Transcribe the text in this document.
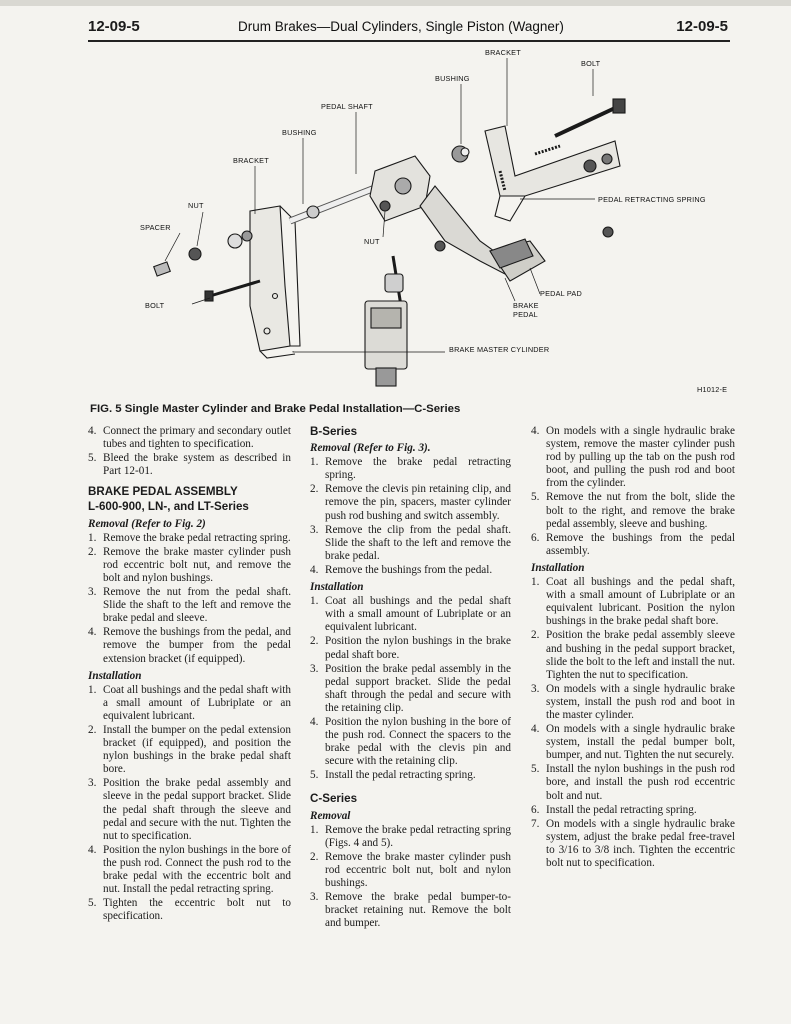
12-09-5	Drum Brakes—Dual Cylinders, Single Piston (Wagner)	12-09-5
BRACKET
BOLT
BUSHING
PEDAL SHAFT
BUSHING
BRACKET
NUT
SPACER
NUT
BOLT
PEDAL RETRACTING SPRING
PEDAL PAD
BRAKE
PEDAL
BRAKE MASTER CYLINDER
H1012-E
FIG. 5 Single Master Cylinder and Brake Pedal Installation—C-Series
4. Connect the primary and secondary outlet tubes and tighten to specification.
5. Bleed the brake system as described in Part 12-01.
BRAKE PEDAL ASSEMBLY
L-600-900, LN-, and LT-Series
Removal (Refer to Fig. 2)
1. Remove the brake pedal retracting spring.
2. Remove the brake master cylinder push rod eccentric bolt nut, and remove the bolt and nylon bushings.
3. Remove the nut from the pedal shaft. Slide the shaft to the left and remove the brake pedal and sleeve.
4. Remove the bushings from the pedal, and remove the bumper from the pedal extension bracket (if equipped).
Installation
1. Coat all bushings and the pedal shaft with a small amount of Lubriplate or an equivalent lubricant.
2. Install the bumper on the pedal extension bracket (if equipped), and position the nylon bushings in the brake pedal shaft bore.
3. Position the brake pedal assembly and sleeve in the pedal support bracket. Slide the pedal shaft through the sleeve and pedal and secure with the nut. Tighten the nut to specification.
4. Position the nylon bushings in the bore of the push rod. Connect the push rod to the brake pedal with the eccentric bolt and nut. Install the pedal retracting spring.
5. Tighten the eccentric bolt nut to specification.
B-Series
Removal (Refer to Fig. 3).
1. Remove the brake pedal retracting spring.
2. Remove the clevis pin retaining clip, and remove the pin, spacers, master cylinder push rod bushing and switch assembly.
3. Remove the clip from the pedal shaft. Slide the shaft to the left and remove the brake pedal.
4. Remove the bushings from the pedal.
Installation
1. Coat all bushings and the pedal shaft with a small amount of Lubriplate or an equivalent lubricant.
2. Position the nylon bushings in the brake pedal shaft bore.
3. Position the brake pedal assembly in the pedal support bracket. Slide the pedal shaft through the pedal and secure with the retaining clip.
4. Position the nylon bushing in the bore of the push rod. Connect the spacers to the brake pedal with the clevis pin and secure with the retaining clip.
5. Install the pedal retracting spring.
C-Series
Removal
1. Remove the brake pedal retracting spring (Figs. 4 and 5).
2. Remove the brake master cylinder push rod eccentric bolt nut, bolt and nylon bushings.
3. Remove the brake pedal bumper-to-bracket retaining nut. Remove the bolt and bumper.
4. On models with a single hydraulic brake system, remove the master cylinder push rod by pulling up the tab on the push rod boot, and pulling the push rod and boot from the cylinder.
5. Remove the nut from the bolt, slide the bolt to the right, and remove the brake pedal assembly, sleeve and bushing.
6. Remove the bushings from the pedal assembly.
Installation
1. Coat all bushings and the pedal shaft, with a small amount of Lubriplate or an equivalent lubricant. Position the nylon bushings in the brake pedal shaft bore.
2. Position the brake pedal assembly sleeve and bushing in the pedal support bracket, slide the bolt to the left and install the nut. Tighten the nut to specification.
3. On models with a single hydraulic brake system, install the push rod and boot in the master cylinder.
4. On models with a single hydraulic brake system, install the pedal bumper bolt, bumper, and nut. Tighten the nut securely.
5. Install the nylon bushings in the push rod bore, and install the push rod eccentric bolt and nut.
6. Install the pedal retracting spring.
7. On models with a single hydraulic brake system, adjust the brake pedal free-travel to 3/16 to 3/8 inch. Tighten the eccentric bolt nut to specification.
